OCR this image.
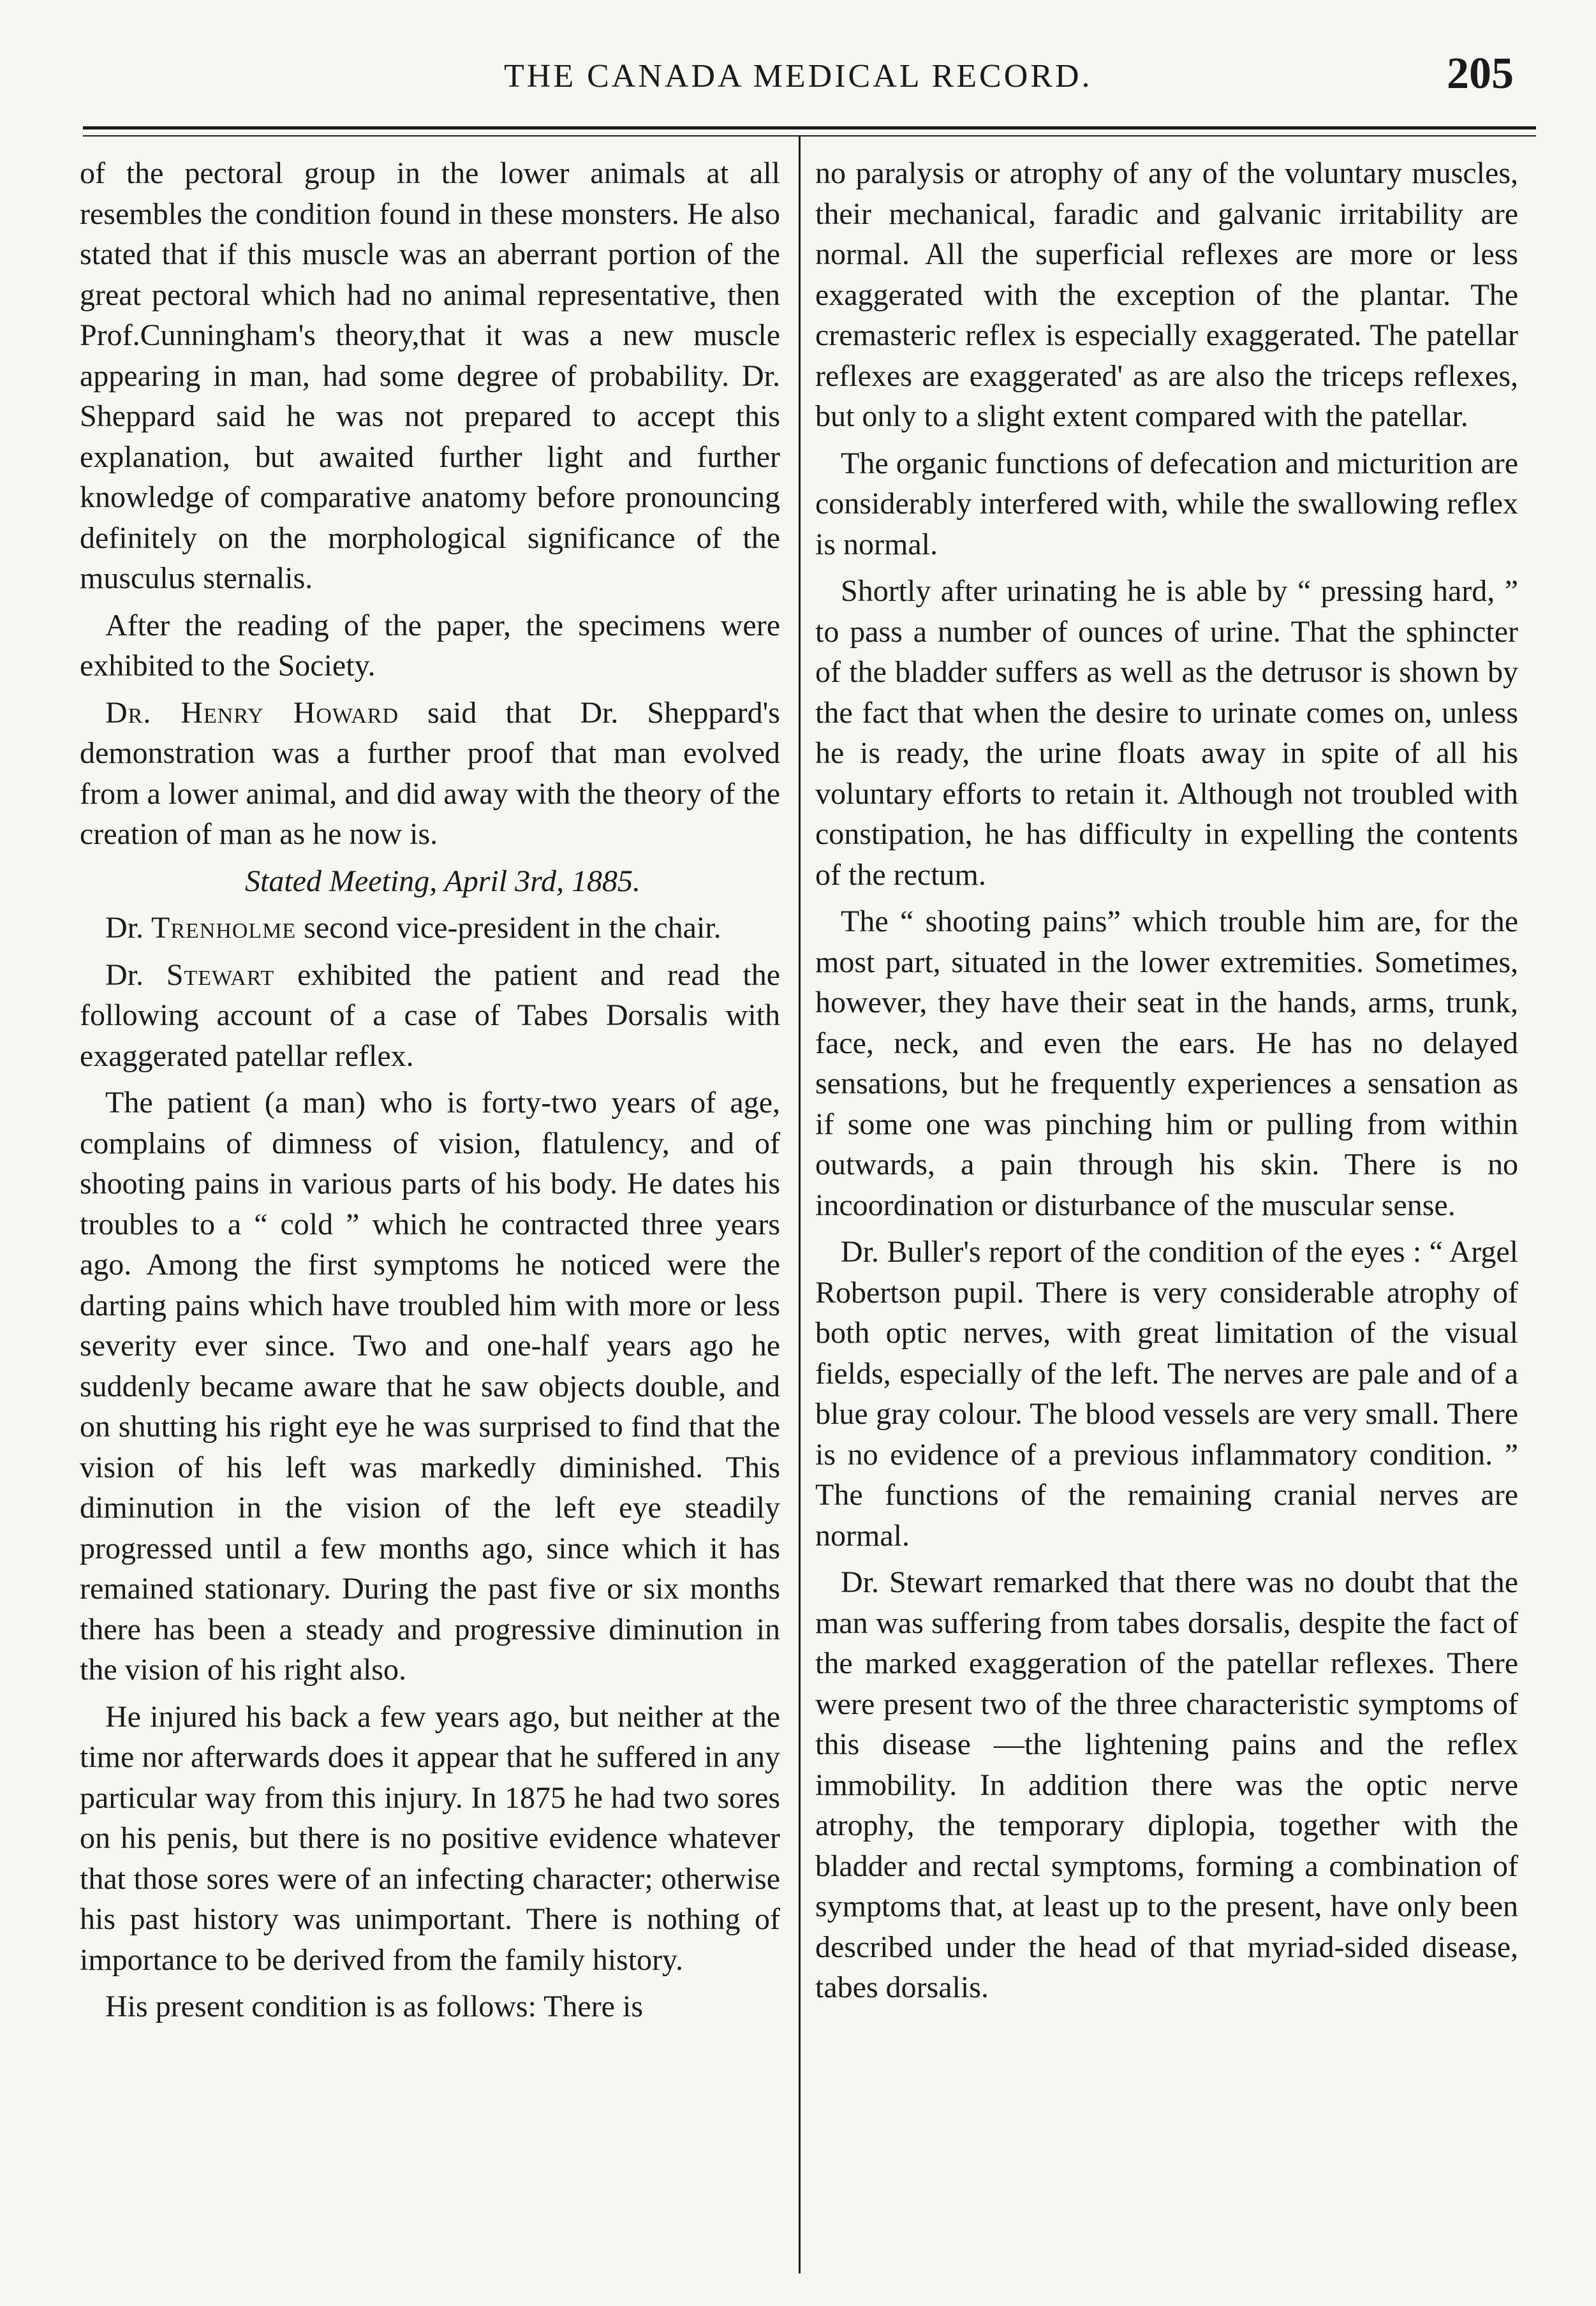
THE CANADA MEDICAL RECORD.	205

of the pectoral group in the lower animals at all resembles the condition found in these monsters. He also stated that if this muscle was an aberrant portion of the great pectoral which had no animal representative, then Prof.Cunningham's theory,that it was a new muscle appearing in man, had some degree of probability. Dr. Sheppard said he was not prepared to accept this explanation, but awaited further light and further knowledge of comparative anatomy before pronouncing definitely on the morphological significance of the musculus sternalis.

After the reading of the paper, the specimens were exhibited to the Society.

Dr. Henry Howard said that Dr. Sheppard's demonstration was a further proof that man evolved from a lower animal, and did away with the theory of the creation of man as he now is.

Stated Meeting, April 3rd, 1885.

Dr. Trenholme second vice-president in the chair.

Dr. Stewart exhibited the patient and read the following account of a case of Tabes Dorsalis with exaggerated patellar reflex.

The patient (a man) who is forty-two years of age, complains of dimness of vision, flatulency, and of shooting pains in various parts of his body. He dates his troubles to a “ cold ” which he contracted three years ago. Among the first symptoms he noticed were the darting pains which have troubled him with more or less severity ever since. Two and one-half years ago he suddenly became aware that he saw objects double, and on shutting his right eye he was surprised to find that the vision of his left was markedly diminished. This diminution in the vision of the left eye steadily progressed until a few months ago, since which it has remained stationary. During the past five or six months there has been a steady and progressive diminution in the vision of his right also.

He injured his back a few years ago, but neither at the time nor afterwards does it appear that he suffered in any particular way from this injury. In 1875 he had two sores on his penis, but there is no positive evidence whatever that those sores were of an infecting character; otherwise his past history was unimportant. There is nothing of importance to be derived from the family history.

His present condition is as follows: There is

no paralysis or atrophy of any of the voluntary muscles, their mechanical, faradic and galvanic irritability are normal. All the superficial reflexes are more or less exaggerated with the exception of the plantar. The cremasteric reflex is especially exaggerated. The patellar reflexes are exaggerated' as are also the triceps reflexes, but only to a slight extent compared with the patellar.

The organic functions of defecation and micturition are considerably interfered with, while the swallowing reflex is normal.

Shortly after urinating he is able by “ pressing hard, ” to pass a number of ounces of urine. That the sphincter of the bladder suffers as well as the detrusor is shown by the fact that when the desire to urinate comes on, unless he is ready, the urine floats away in spite of all his voluntary efforts to retain it. Although not troubled with constipation, he has difficulty in expelling the contents of the rectum.

The “ shooting pains” which trouble him are, for the most part, situated in the lower extremities. Sometimes, however, they have their seat in the hands, arms, trunk, face, neck, and even the ears. He has no delayed sensations, but he frequently experiences a sensation as if some one was pinching him or pulling from within outwards, a pain through his skin. There is no incoordination or disturbance of the muscular sense.

Dr. Buller's report of the condition of the eyes : “ Argel Robertson pupil. There is very considerable atrophy of both optic nerves, with great limitation of the visual fields, especially of the left. The nerves are pale and of a blue gray colour. The blood vessels are very small. There is no evidence of a previous inflammatory condition. ” The functions of the remaining cranial nerves are normal.

Dr. Stewart remarked that there was no doubt that the man was suffering from tabes dorsalis, despite the fact of the marked exaggeration of the patellar reflexes. There were present two of the three characteristic symptoms of this disease —the lightening pains and the reflex immobility. In addition there was the optic nerve atrophy, the temporary diplopia, together with the bladder and rectal symptoms, forming a combination of symptoms that, at least up to the present, have only been described under the head of that myriad-sided disease, tabes dorsalis.
